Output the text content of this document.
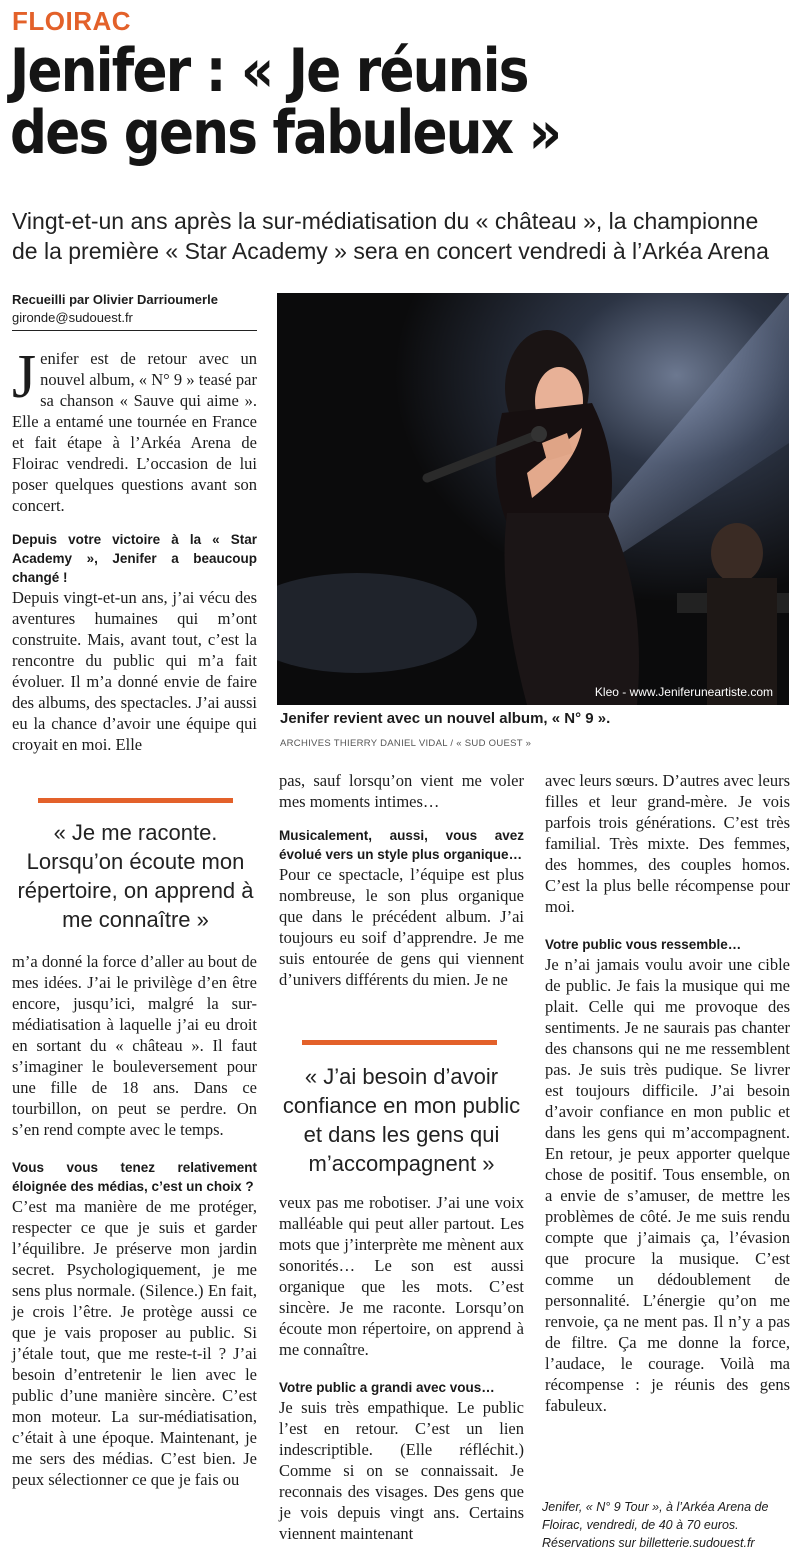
FLOIRAC
Jenifer : « Je réunis
des gens fabuleux »
Vingt-et-un ans après la sur-médiatisation du « château », la championne
de la première « Star Academy » sera en concert vendredi à l’Arkéa Arena
Recueilli par Olivier Darrioumerle
gironde@sudouest.fr

Jenifer est de retour avec un nouvel album, « N° 9 » teasé par sa chanson « Sauve qui aime ». Elle a entamé une tournée en France et fait étape à l’Arkéa Arena de Floirac vendredi. L’occasion de lui poser quelques questions avant son concert.

Depuis votre victoire à la « Star Academy », Jenifer a beaucoup changé !

Depuis vingt-et-un ans, j’ai vécu des aventures humaines qui m’ont construite. Mais, avant tout, c’est la rencontre du public qui m’a fait évoluer. Il m’a donné envie de faire des albums, des spectacles. J’ai aussi eu la chance d’avoir une équipe qui croyait en moi. Elle

« Je me raconte. Lorsqu’on écoute mon répertoire, on apprend à me connaître »

m’a donné la force d’aller au bout de mes idées. J’ai le privilège d’en être encore, jusqu’ici, malgré la sur-médiatisation à laquelle j’ai eu droit en sortant du « château ». Il faut s’imaginer le bouleversement pour une fille de 18 ans. Dans ce tourbillon, on peut se perdre. On s’en rend compte avec le temps.

Vous vous tenez relativement éloignée des médias, c’est un choix ?

C’est ma manière de me protéger, respecter ce que je suis et garder l’équilibre. Je préserve mon jardin secret. Psychologiquement, je me sens plus normale. (Silence.) En fait, je crois l’être. Je protège aussi ce que je vais proposer au public. Si j’étale tout, que me reste-t-il ? J’ai besoin d’entretenir le lien avec le public d’une manière sincère. C’est mon moteur. La sur-médiatisation, c’était à une époque. Maintenant, je me sers des médias. C’est bien. Je peux sélectionner ce que je fais ou

Kleo - www.Jeniferuneartiste.com
Jenifer revient avec un nouvel album, « N° 9 ».
ARCHIVES THIERRY DANIEL VIDAL / « SUD OUEST »

pas, sauf lorsqu’on vient me voler mes moments intimes…

Musicalement, aussi, vous avez évolué vers un style plus organique…

Pour ce spectacle, l’équipe est plus nombreuse, le son plus organique que dans le précédent album. J’ai toujours eu soif d’apprendre. Je me suis entourée de gens qui viennent d’univers différents du mien. Je ne

« J’ai besoin d’avoir confiance en mon public et dans les gens qui m’accompagnent »

veux pas me robotiser. J’ai une voix malléable qui peut aller partout. Les mots que j’interprète me mènent aux sonorités… Le son est aussi organique que les mots. C’est sincère. Je me raconte. Lorsqu’on écoute mon répertoire, on apprend à me connaître.

Votre public a grandi avec vous…

Je suis très empathique. Le public l’est en retour. C’est un lien indescriptible. (Elle réfléchit.) Comme si on se connaissait. Je reconnais des visages. Des gens que je vois depuis vingt ans. Certains viennent maintenant

avec leurs sœurs. D’autres avec leurs filles et leur grand-mère. Je vois parfois trois générations. C’est très familial. Très mixte. Des femmes, des hommes, des couples homos. C’est la plus belle récompense pour moi.

Votre public vous ressemble…

Je n’ai jamais voulu avoir une cible de public. Je fais la musique qui me plait. Celle qui me provoque des sentiments. Je ne saurais pas chanter des chansons qui ne me ressemblent pas. Je suis très pudique. Se livrer est toujours difficile. J’ai besoin d’avoir confiance en mon public et dans les gens qui m’accompagnent. En retour, je peux apporter quelque chose de positif. Tous ensemble, on a envie de s’amuser, de mettre les problèmes de côté. Je me suis rendu compte que j’aimais ça, l’évasion que procure la musique. C’est comme un dédoublement de personnalité. L’énergie qu’on me renvoie, ça ne ment pas. Il n’y a pas de filtre. Ça me donne la force, l’audace, le courage. Voilà ma récompense : je réunis des gens fabuleux.

Jenifer, « N° 9 Tour », à l’Arkéa Arena de Floirac, vendredi, de 40 à 70 euros. Réservations sur billetterie.sudouest.fr
